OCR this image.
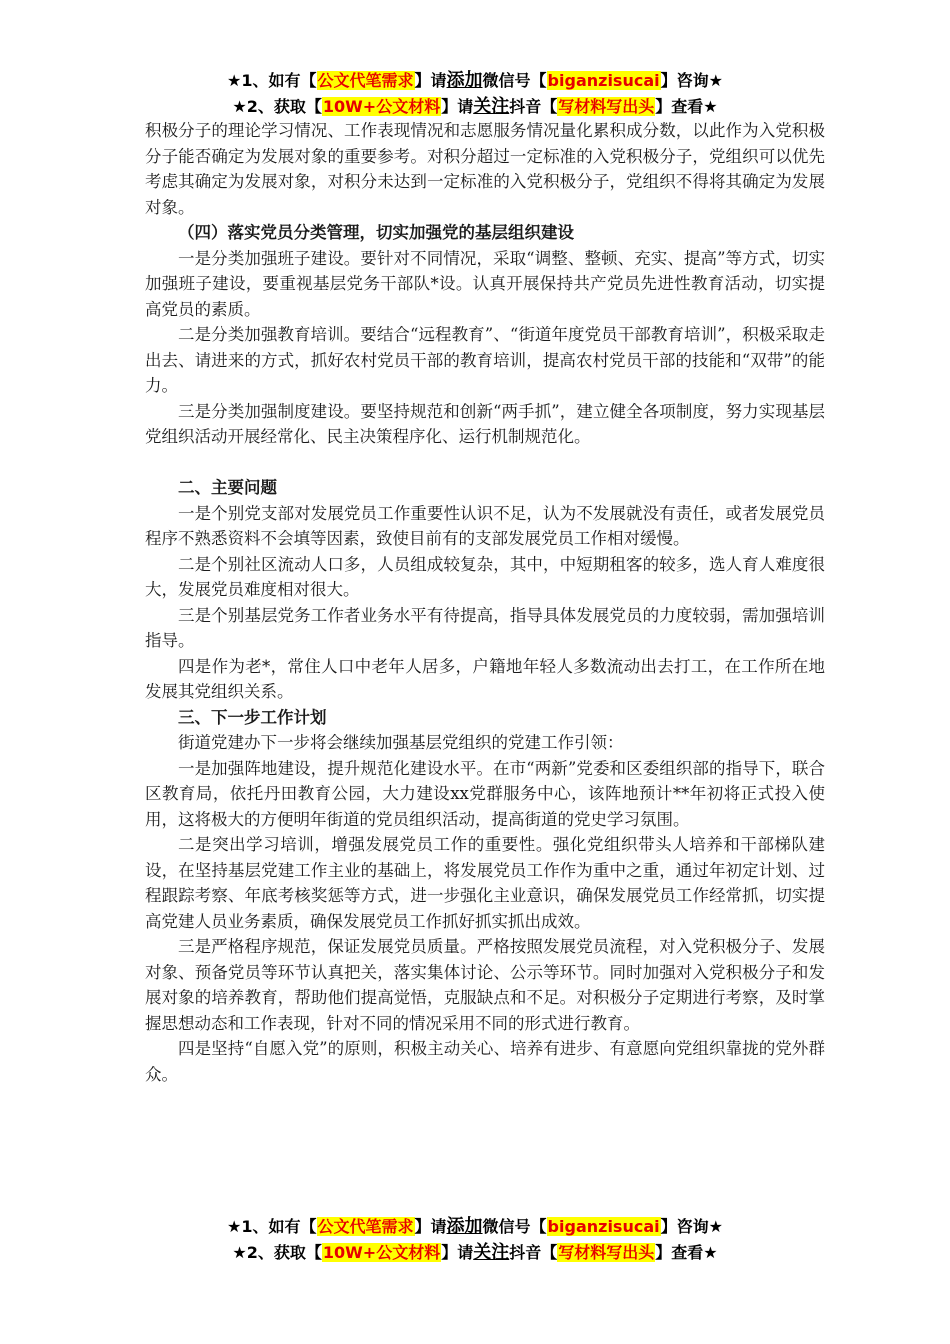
★1、如有【公文代笔需求】请添加微信号【biganzisucai】咨询★
★2、获取【10W+公文材料】请关注抖音【写材料写出头】查看★

积极分子的理论学习情况、工作表现情况和志愿服务情况量化累积成分数，以此作为入党积极分子能否确定为发展对象的重要参考。对积分超过一定标准的入党积极分子，党组织可以优先考虑其确定为发展对象，对积分未达到一定标准的入党积极分子，党组织不得将其确定为发展对象。

（四）落实党员分类管理，切实加强党的基层组织建设

一是分类加强班子建设。要针对不同情况，采取“调整、整顿、充实、提高”等方式，切实加强班子建设，要重视基层党务干部队*设。认真开展保持共产党员先进性教育活动，切实提高党员的素质。

二是分类加强教育培训。要结合“远程教育”、“街道年度党员干部教育培训”，积极采取走出去、请进来的方式，抓好农村党员干部的教育培训，提高农村党员干部的技能和“双带”的能力。

三是分类加强制度建设。要坚持规范和创新“两手抓”，建立健全各项制度，努力实现基层党组织活动开展经常化、民主决策程序化、运行机制规范化。

二、主要问题

一是个别党支部对发展党员工作重要性认识不足，认为不发展就没有责任，或者发展党员程序不熟悉资料不会填等因素，致使目前有的支部发展党员工作相对缓慢。

二是个别社区流动人口多，人员组成较复杂，其中，中短期租客的较多，选人育人难度很大，发展党员难度相对很大。

三是个别基层党务工作者业务水平有待提高，指导具体发展党员的力度较弱，需加强培训指导。

四是作为老*，常住人口中老年人居多，户籍地年轻人多数流动出去打工，在工作所在地发展其党组织关系。

三、下一步工作计划

街道党建办下一步将会继续加强基层党组织的党建工作引领：

一是加强阵地建设，提升规范化建设水平。在市“两新”党委和区委组织部的指导下，联合区教育局，依托丹田教育公园，大力建设xx党群服务中心，该阵地预计**年初将正式投入使用，这将极大的方便明年街道的党员组织活动，提高街道的党史学习氛围。

二是突出学习培训，增强发展党员工作的重要性。强化党组织带头人培养和干部梯队建设，在坚持基层党建工作主业的基础上，将发展党员工作作为重中之重，通过年初定计划、过程跟踪考察、年底考核奖惩等方式，进一步强化主业意识，确保发展党员工作经常抓，切实提高党建人员业务素质，确保发展党员工作抓好抓实抓出成效。

三是严格程序规范，保证发展党员质量。严格按照发展党员流程，对入党积极分子、发展对象、预备党员等环节认真把关，落实集体讨论、公示等环节。同时加强对入党积极分子和发展对象的培养教育，帮助他们提高觉悟，克服缺点和不足。对积极分子定期进行考察，及时掌握思想动态和工作表现，针对不同的情况采用不同的形式进行教育。

四是坚持“自愿入党”的原则，积极主动关心、培养有进步、有意愿向党组织靠拢的党外群众。

★1、如有【公文代笔需求】请添加微信号【biganzisucai】咨询★
★2、获取【10W+公文材料】请关注抖音【写材料写出头】查看★
